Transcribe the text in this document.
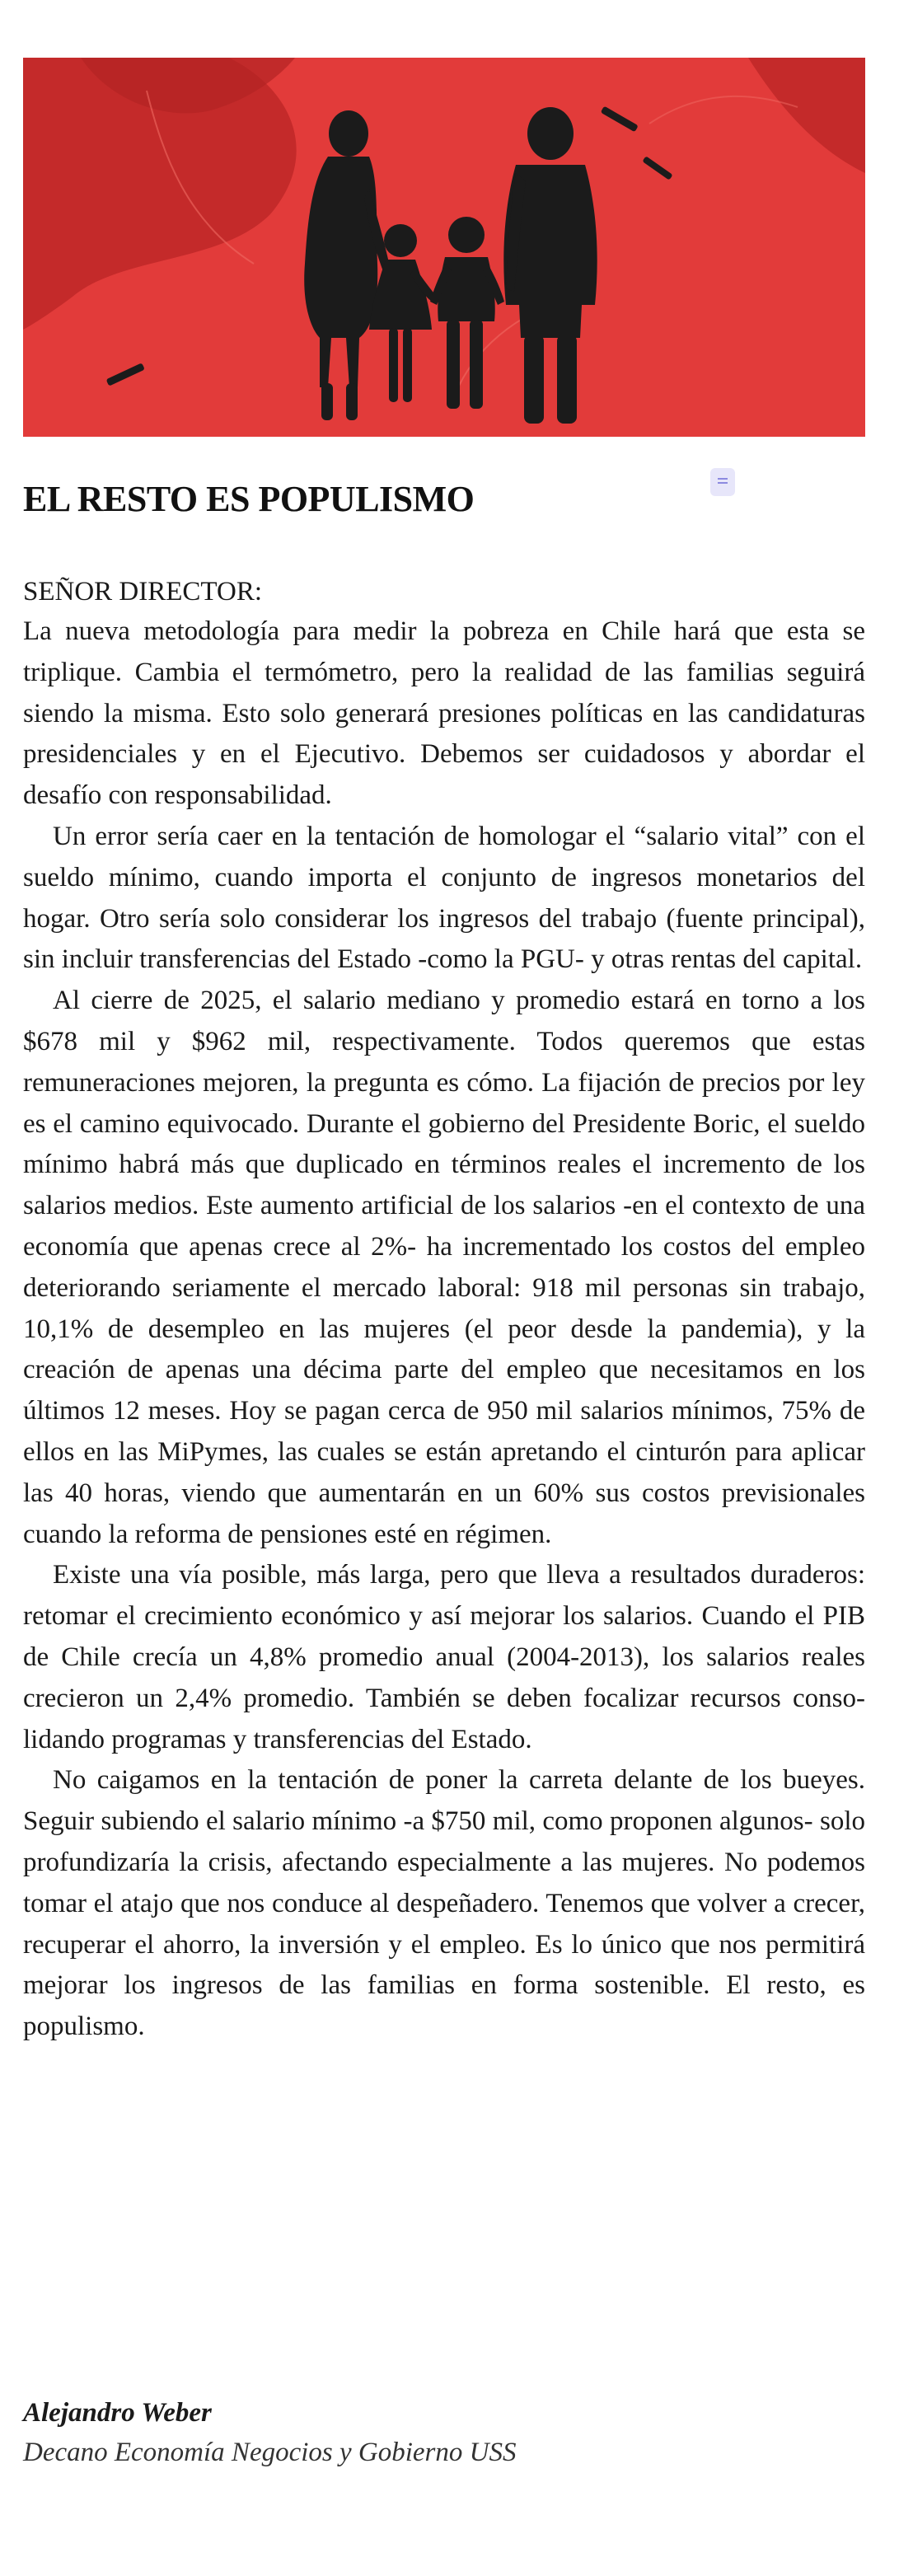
EL RESTO ES POPULISMO

SEÑOR DIRECTOR:

La nueva metodología para medir la pobreza en Chile hará que esta se triplique. Cambia el termómetro, pero la realidad de las familias seguirá siendo la misma. Esto solo generará presiones políticas en las candidaturas presidenciales y en el Ejecutivo. Debemos ser cuidadosos y abordar el desafío con responsabilidad.

Un error sería caer en la tentación de homologar el “salario vital” con el sueldo mínimo, cuando importa el conjunto de ingresos monetarios del hogar. Otro sería solo considerar los ingresos del trabajo (fuente principal), sin incluir transferencias del Estado -como la PGU- y otras rentas del capital.

Al cierre de 2025, el salario mediano y promedio estará en torno a los $678 mil y $962 mil, respectivamente. Todos queremos que estas remuneraciones mejoren, la pregunta es cómo. La fijación de precios por ley es el camino equivocado. Durante el gobierno del Presidente Boric, el sueldo mínimo habrá más que duplicado en términos reales el incremento de los salarios medios. Este aumento artificial de los salarios -en el contexto de una economía que apenas crece al 2%- ha incrementado los costos del empleo deteriorando seriamente el mercado laboral: 918 mil personas sin trabajo, 10,1% de desempleo en las mujeres (el peor desde la pandemia), y la creación de apenas una décima parte del empleo que necesitamos en los últimos 12 meses. Hoy se pagan cerca de 950 mil salarios mínimos, 75% de ellos en las MiPymes, las cuales se están apretando el cinturón para aplicar las 40 horas, viendo que aumentarán en un 60% sus costos previsionales cuando la reforma de pensiones esté en régimen.

Existe una vía posible, más larga, pero que lleva a resultados duraderos: retomar el crecimiento económico y así mejorar los salarios. Cuando el PIB de Chile crecía un 4,8% promedio anual (2004-2013), los salarios reales crecieron un 2,4% promedio. También se deben focalizar recursos consolidando programas y transferencias del Estado.

No caigamos en la tentación de poner la carreta delante de los bueyes. Seguir subiendo el salario mínimo -a $750 mil, como proponen algunos- solo profundizaría la crisis, afectando especialmente a las mujeres. No podemos tomar el atajo que nos conduce al despeñadero. Tenemos que volver a crecer, recuperar el ahorro, la inversión y el empleo. Es lo único que nos permitirá mejorar los ingresos de las familias en forma sostenible. El resto, es populismo.

Alejandro Weber

Decano Economía Negocios y Gobierno USS
